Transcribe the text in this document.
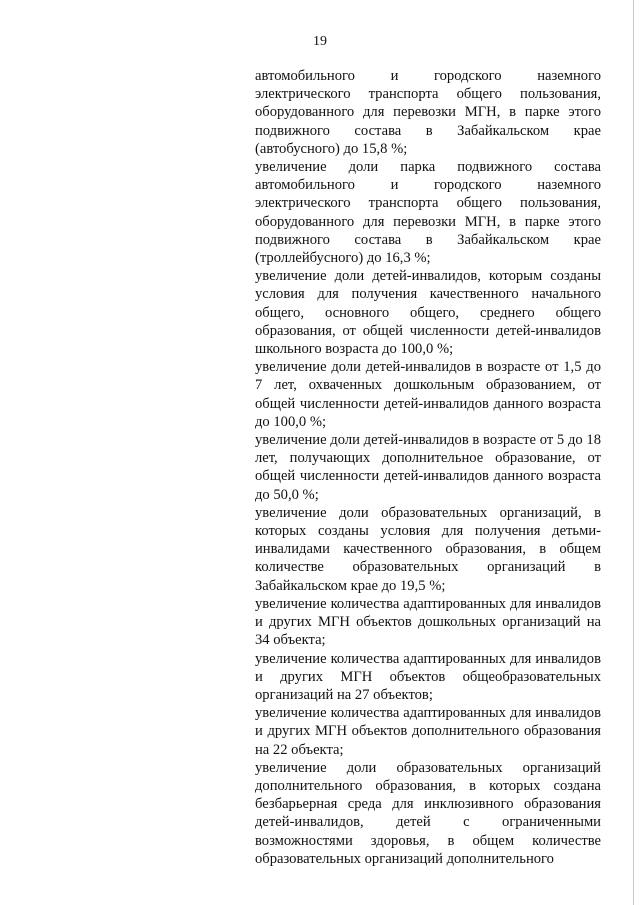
19

автомобильного и городского наземного электрического транспорта общего пользования, оборудованного для перевозки МГН, в парке этого подвижного состава в Забайкальском крае (автобусного) до 15,8 %;

увеличение доли парка подвижного состава автомобильного и городского наземного электрического транспорта общего пользования, оборудованного для перевозки МГН, в парке этого подвижного состава в Забайкальском крае (троллейбусного) до 16,3 %;

увеличение доли детей-инвалидов, которым созданы условия для получения качественного начального общего, основного общего, среднего общего образования, от общей численности детей-инвалидов школьного возраста до 100,0 %;

увеличение доли детей-инвалидов в возрасте от 1,5 до 7 лет, охваченных дошкольным образованием, от общей численности детей-инвалидов данного возраста до 100,0 %;

увеличение доли детей-инвалидов в возрасте от 5 до 18 лет, получающих дополнительное образование, от общей численности детей-инвалидов данного возраста до 50,0 %;

увеличение доли образовательных организаций, в которых созданы условия для получения детьми-инвалидами качественного образования, в общем количестве образовательных организаций в Забайкальском крае до 19,5 %;

увеличение количества адаптированных для инвалидов и других МГН объектов дошкольных организаций на 34 объекта;

увеличение количества адаптированных для инвалидов и других МГН объектов общеобразовательных организаций на 27 объектов;

увеличение количества адаптированных для инвалидов и других МГН объектов дополнительного образования на 22 объекта;

увеличение доли образовательных организаций дополнительного образования, в которых создана безбарьерная среда для инклюзивного образования детей-инвалидов, детей с ограниченными возможностями здоровья, в общем количестве образовательных организаций дополнительного
